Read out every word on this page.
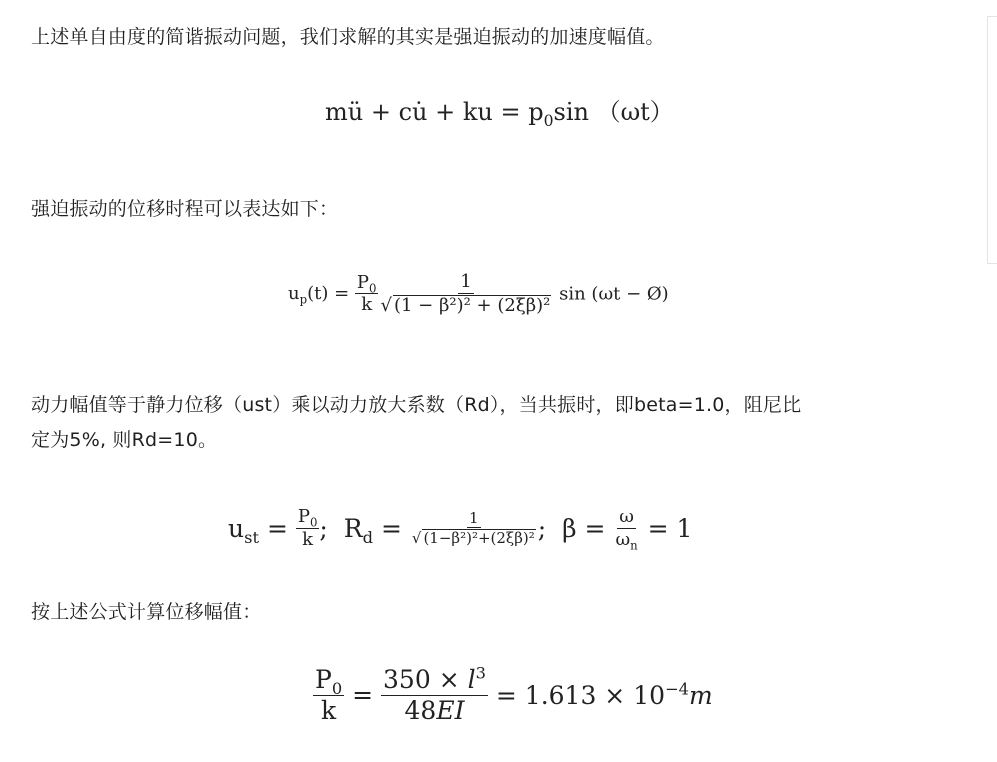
上述单自由度的简谐振动问题，我们求解的其实是强迫振动的加速度幅值。
mü + cu̇ + ku = $p_0\sin$ （ωt）
强迫振动的位移时程可以表达如下：
$u_p(t) = \frac{P_0}{k} \frac{1}{\text{√ (1 − β²)² + (2ξβ)²}}$ sin (ωt − Ø)
动力幅值等于静力位移（ust）乘以动力放大系数（Rd），当共振时，即beta=1.0，阻尼比
定为5%, 则Rd=10。
$u_{st} = \frac{P_0}{k}$ ; $R_d = \frac{1}{\text{√ (1−β²)²+(2ξβ)²}}$ ; $\beta = \frac{\omega}{\omega_n} = 1$
按上述公式计算位移幅值：
$\frac{P_0}{k} = \frac{350 \times l^3}{48EI} = 1.613 \times 10^{-4}m$
